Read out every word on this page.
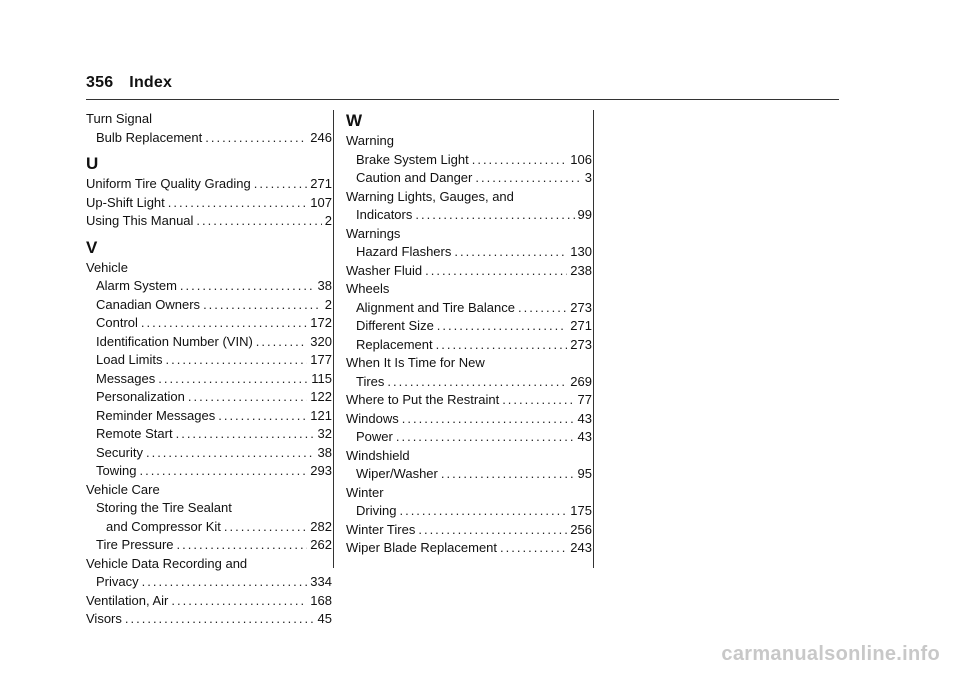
356 Index
Turn Signal
Bulb Replacement .....	246
U
Uniform Tire Quality Grading .....	271
Up-Shift Light .....	107
Using This Manual .....	2
V
Vehicle
Alarm System .....	38
Canadian Owners .....	2
Control .....	172
Identification Number (VIN) .....	320
Load Limits .....	177
Messages .....	115
Personalization .....	122
Reminder Messages .....	121
Remote Start .....	32
Security .....	38
Towing .....	293
Vehicle Care
Storing the Tire Sealant
and Compressor Kit .....	282
Tire Pressure .....	262
Vehicle Data Recording and
Privacy .....	334
Ventilation, Air .....	168
Visors .....	45
W
Warning
Brake System Light .....	106
Caution and Danger .....	3
Warning Lights, Gauges, and
Indicators .....	99
Warnings
Hazard Flashers .....	130
Washer Fluid .....	238
Wheels
Alignment and Tire Balance .....	273
Different Size .....	271
Replacement .....	273
When It Is Time for New
Tires .....	269
Where to Put the Restraint .....	77
Windows .....	43
Power .....	43
Windshield
Wiper/Washer .....	95
Winter
Driving .....	175
Winter Tires .....	256
Wiper Blade Replacement .....	243
carmanualsonline.info
